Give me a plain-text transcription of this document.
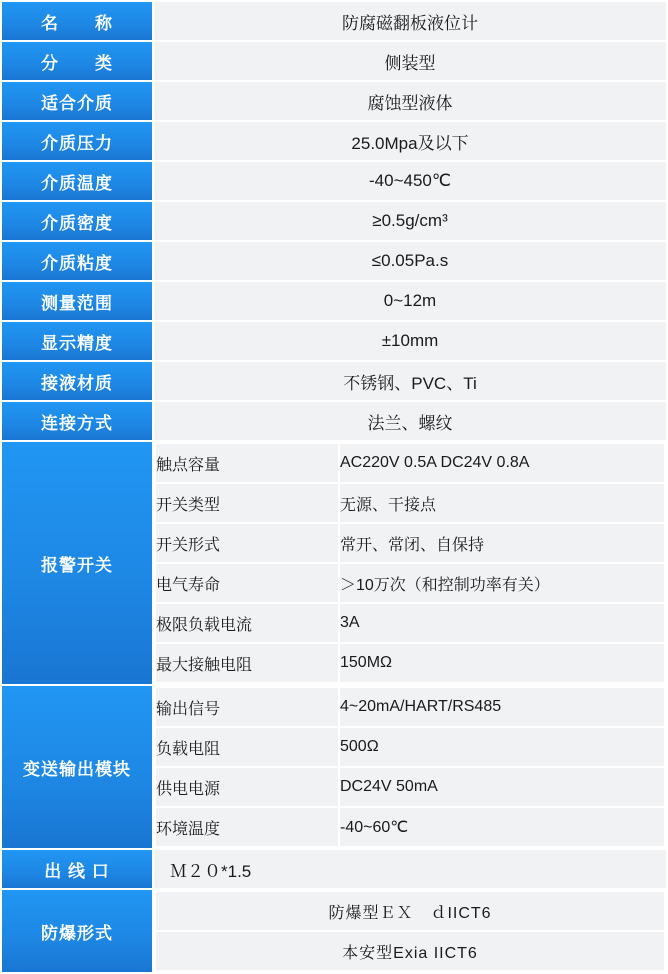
名　　称	防腐磁翻板液位计
分　　类	侧装型
适合介质	腐蚀型液体
介质压力	25.0Mpa及以下
介质温度	-40~450℃
介质密度	≥0.5g/cm³
介质粘度	≤0.05Pa.s
测量范围	0~12m
显示精度	±10mm
接液材质	不锈钢、PVC、Ti
连接方式	法兰、螺纹
报警开关	
触点容量	AC220V 0.5A DC24V 0.8A
开关类型	无源、干接点
开关形式	常开、常闭、自保持
电气寿命	＞10万次（和控制功率有关）
极限负载电流	3A
最大接触电阻	150MΩ

变送输出模块	
输出信号	4~20mA/HART/RS485
负载电阻	500Ω
供电电源	DC24V 50mA
环境温度	-40~60℃

出 线 口	Ｍ２０*1.5
防爆形式	
防爆型ＥＸ　ｄIICT6
本安型Exia IICT6
